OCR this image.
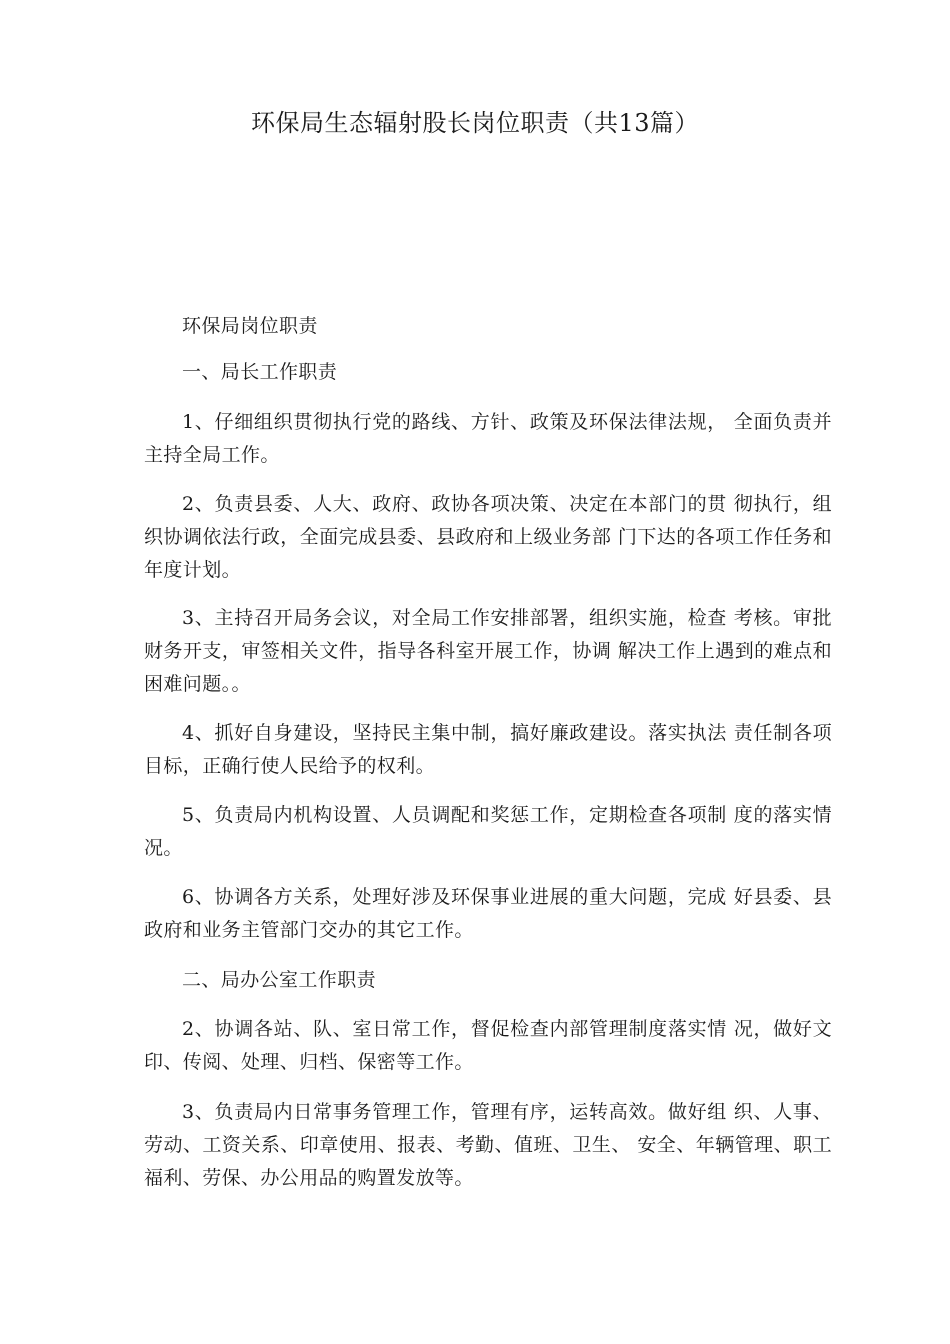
环保局生态辐射股长岗位职责（共13篇）

环保局岗位职责

一、局长工作职责

1、仔细组织贯彻执行党的路线、方针、政策及环保法律法规， 全面负责并主持全局工作。

2、负责县委、人大、政府、政协各项决策、决定在本部门的贯 彻执行，组织协调依法行政，全面完成县委、县政府和上级业务部 门下达的各项工作任务和年度计划。

3、主持召开局务会议，对全局工作安排部署，组织实施，检查 考核。审批财务开支，审签相关文件，指导各科室开展工作，协调 解决工作上遇到的难点和困难问题。。

4、抓好自身建设，坚持民主集中制，搞好廉政建设。落实执法 责任制各项目标，正确行使人民给予的权利。

5、负责局内机构设置、人员调配和奖惩工作，定期检查各项制 度的落实情况。

6、协调各方关系，处理好涉及环保事业进展的重大问题，完成 好县委、县政府和业务主管部门交办的其它工作。

二、局办公室工作职责

2、协调各站、队、室日常工作，督促检查内部管理制度落实情 况，做好文印、传阅、处理、归档、保密等工作。

3、负责局内日常事务管理工作，管理有序，运转高效。做好组 织、人事、劳动、工资关系、印章使用、报表、考勤、值班、卫生、 安全、年辆管理、职工福利、劳保、办公用品的购置发放等。
